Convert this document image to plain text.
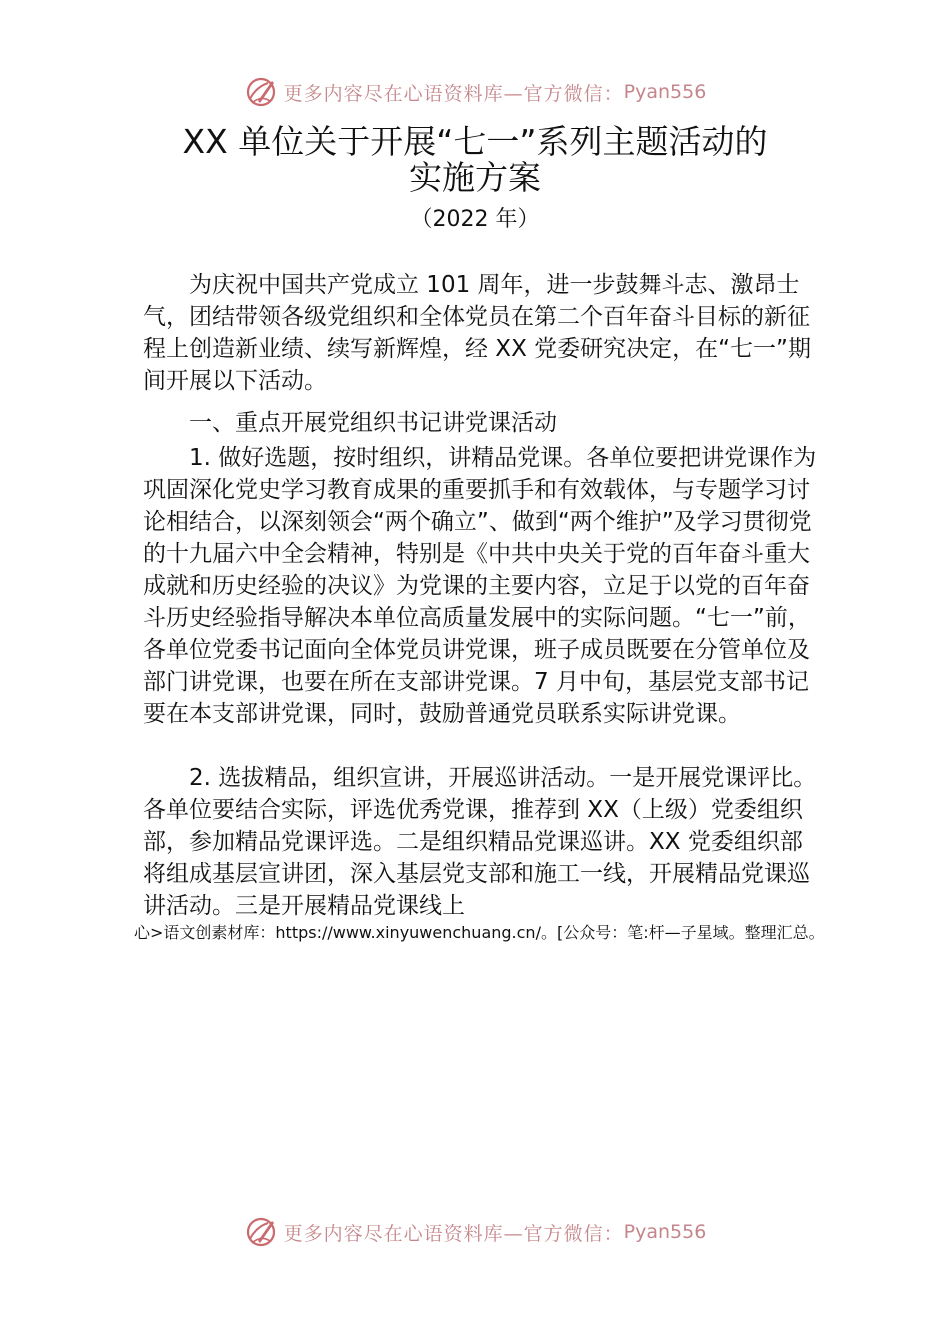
更多内容尽在心语资料库—官方微信： Pyan556
XX 单位关于开展“七一”系列主题活动的
实施方案
（2022 年）

为庆祝中国共产党成立 101 周年，进一步鼓舞斗志、激昂士气，团结带领各级党组织和全体党员在第二个百年奋斗目标的新征程上创造新业绩、续写新辉煌，经 XX 党委研究决定，在“七一”期间开展以下活动。

一、重点开展党组织书记讲党课活动

1. 做好选题，按时组织，讲精品党课。各单位要把讲党课作为巩固深化党史学习教育成果的重要抓手和有效载体，与专题学习讨论相结合，以深刻领会“两个确立”、做到“两个维护”及学习贯彻党的十九届六中全会精神，特别是《中共中央关于党的百年奋斗重大成就和历史经验的决议》为党课的主要内容，立足于以党的百年奋斗历史经验指导解决本单位高质量发展中的实际问题。“七一”前，各单位党委书记面向全体党员讲党课，班子成员既要在分管单位及部门讲党课，也要在所在支部讲党课。7 月中旬，基层党支部书记要在本支部讲党课，同时，鼓励普通党员联系实际讲党课。

2. 选拔精品，组织宣讲，开展巡讲活动。一是开展党课评比。各单位要结合实际，评选优秀党课，推荐到 XX（上级）党委组织部，参加精品党课评选。二是组织精品党课巡讲。XX 党委组织部将组成基层宣讲团，深入基层党支部和施工一线，开展精品党课巡讲活动。三是开展精品党课线上

心>语文创素材库：https://www.xinyuwenchuang.cn/。[公众号：笔:杆—子星域。整理汇总。
更多内容尽在心语资料库—官方微信： Pyan556
